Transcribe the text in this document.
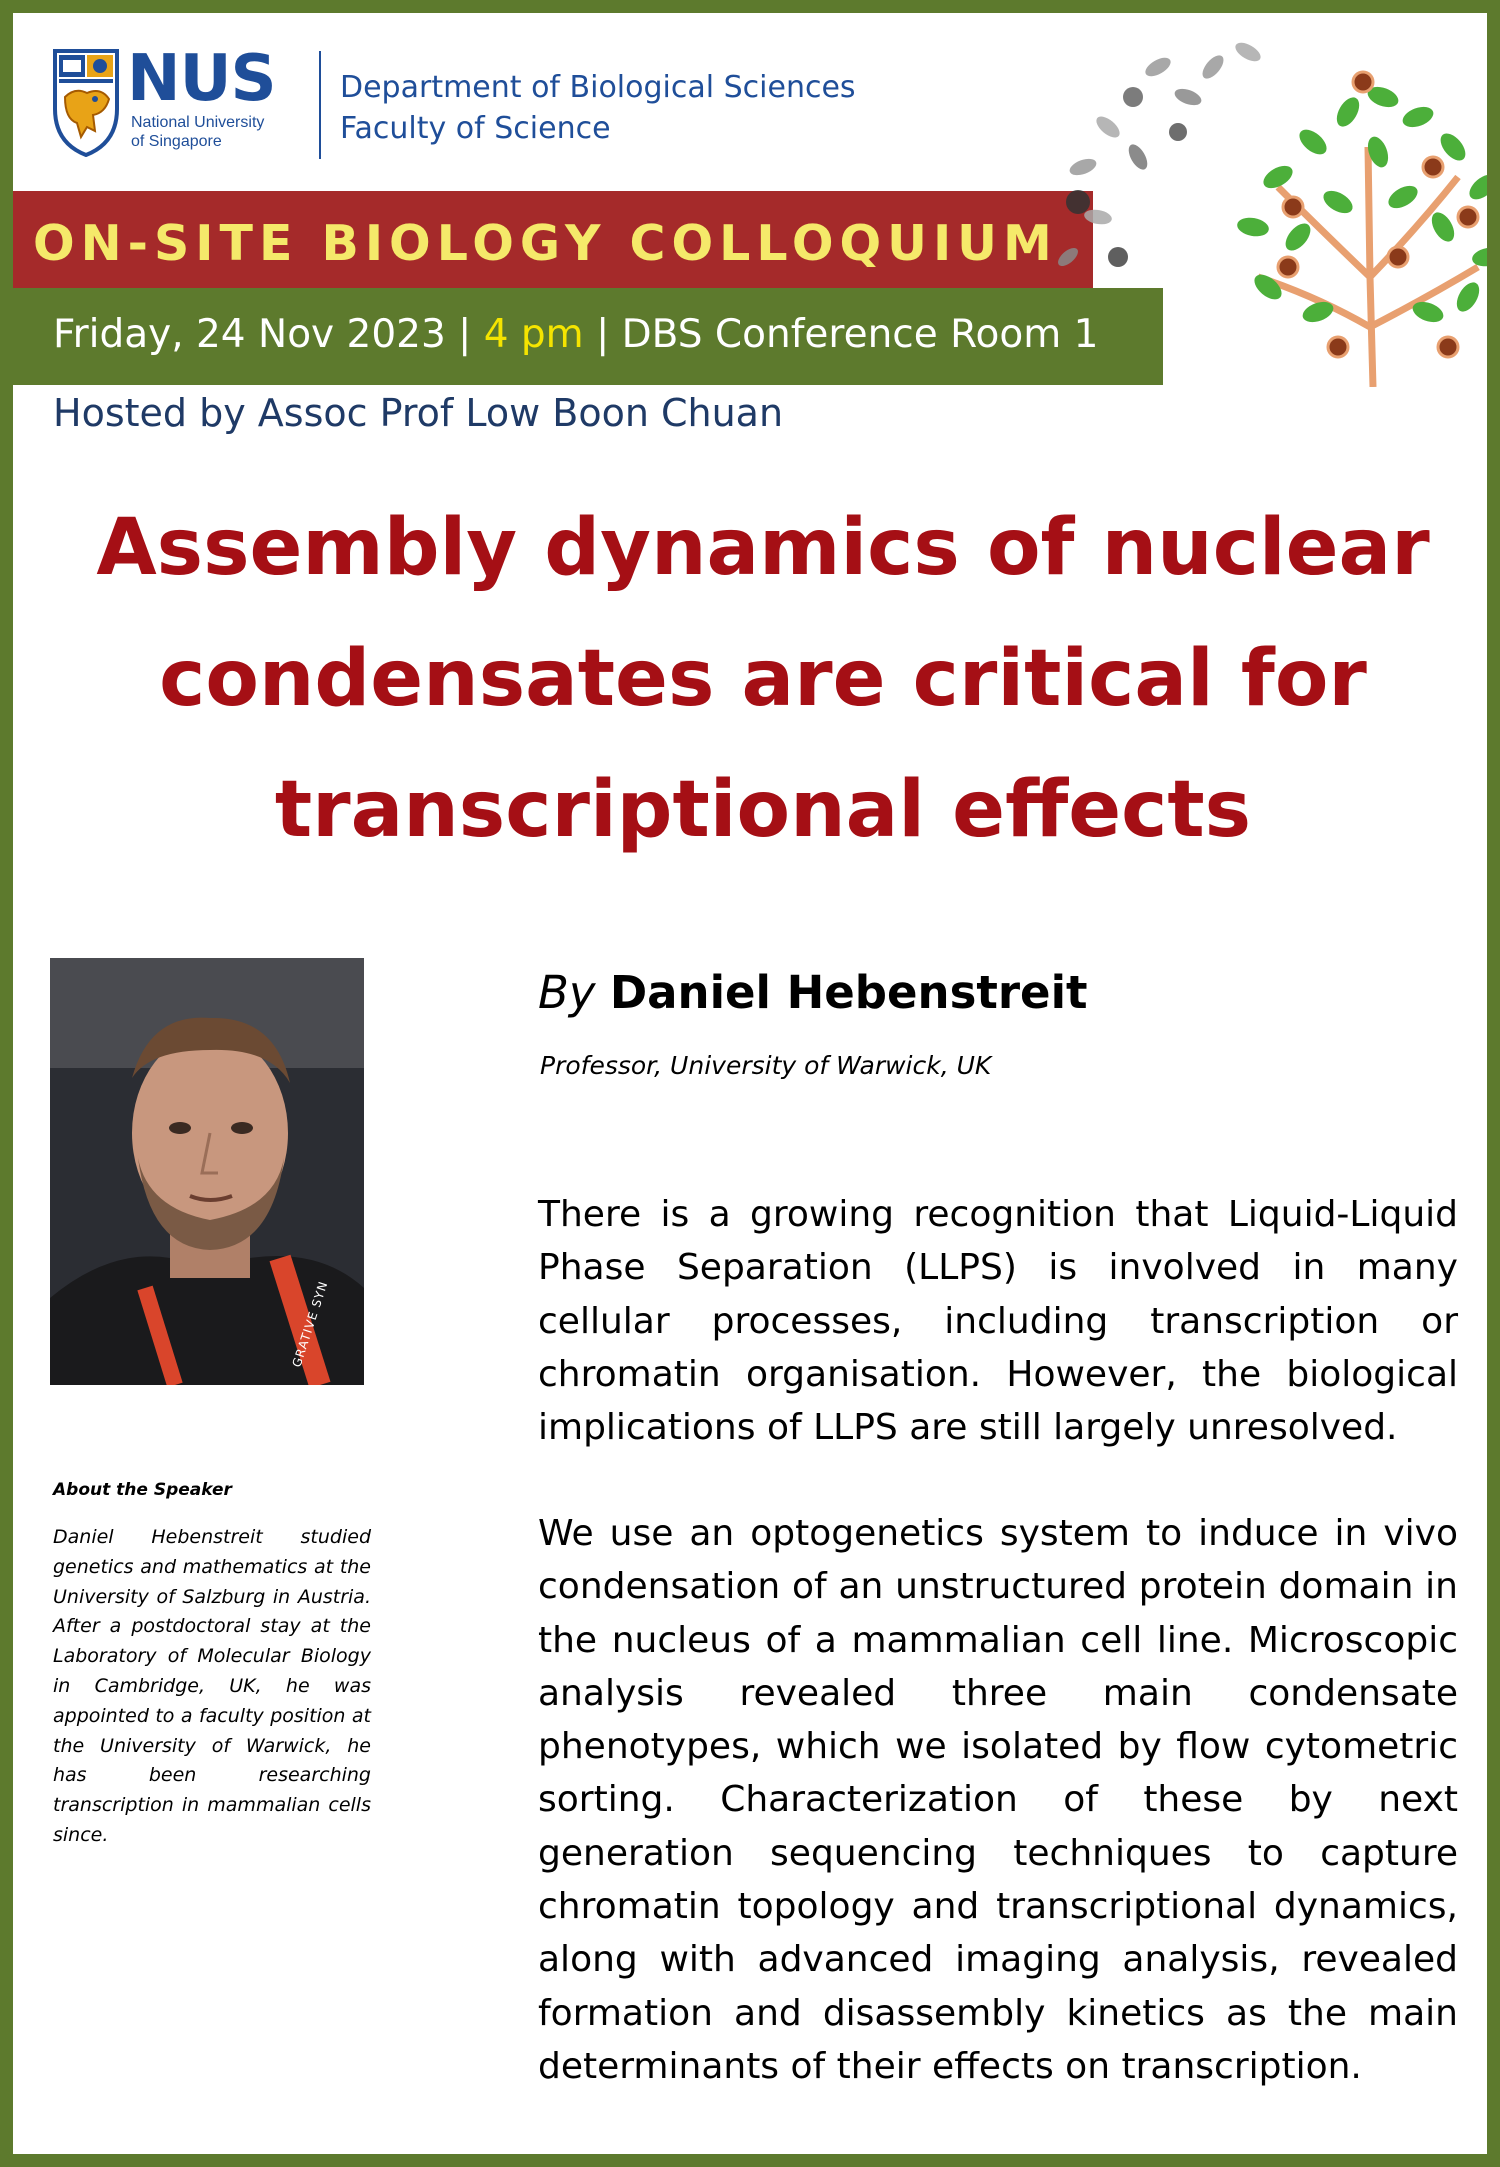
NUS
National University
of Singapore
Department of Biological Sciences
Faculty of Science
ON-SITE BIOLOGY COLLOQUIUM
Friday, 24 Nov 2023 | 4 pm | DBS Conference Room 1
Hosted by Assoc Prof Low Boon Chuan
Assembly dynamics of nuclear
condensates are critical for
transcriptional effects
GRATIVE SYN
About the Speaker
Daniel Hebenstreit studied genetics and mathematics at the University of Salzburg in Austria. After a postdoctoral stay at the Laboratory of Molecular Biology in Cambridge, UK, he was appointed to a faculty position at the University of Warwick, he has been researching transcription in mammalian cells since.
By Daniel Hebenstreit
Professor, University of Warwick, UK

There is a growing recognition that Liquid-Liquid Phase Separation (LLPS) is involved in many cellular processes, including transcription or chromatin organisation. However, the biological implications of LLPS are still largely unresolved.

We use an optogenetics system to induce in vivo condensation of an unstructured protein domain in the nucleus of a mammalian cell line. Microscopic analysis revealed three main condensate phenotypes, which we isolated by flow cytometric sorting. Characterization of these by next generation sequencing techniques to capture chromatin topology and transcriptional dynamics, along with advanced imaging analysis, revealed formation and disassembly kinetics as the main determinants of their effects on transcription.
